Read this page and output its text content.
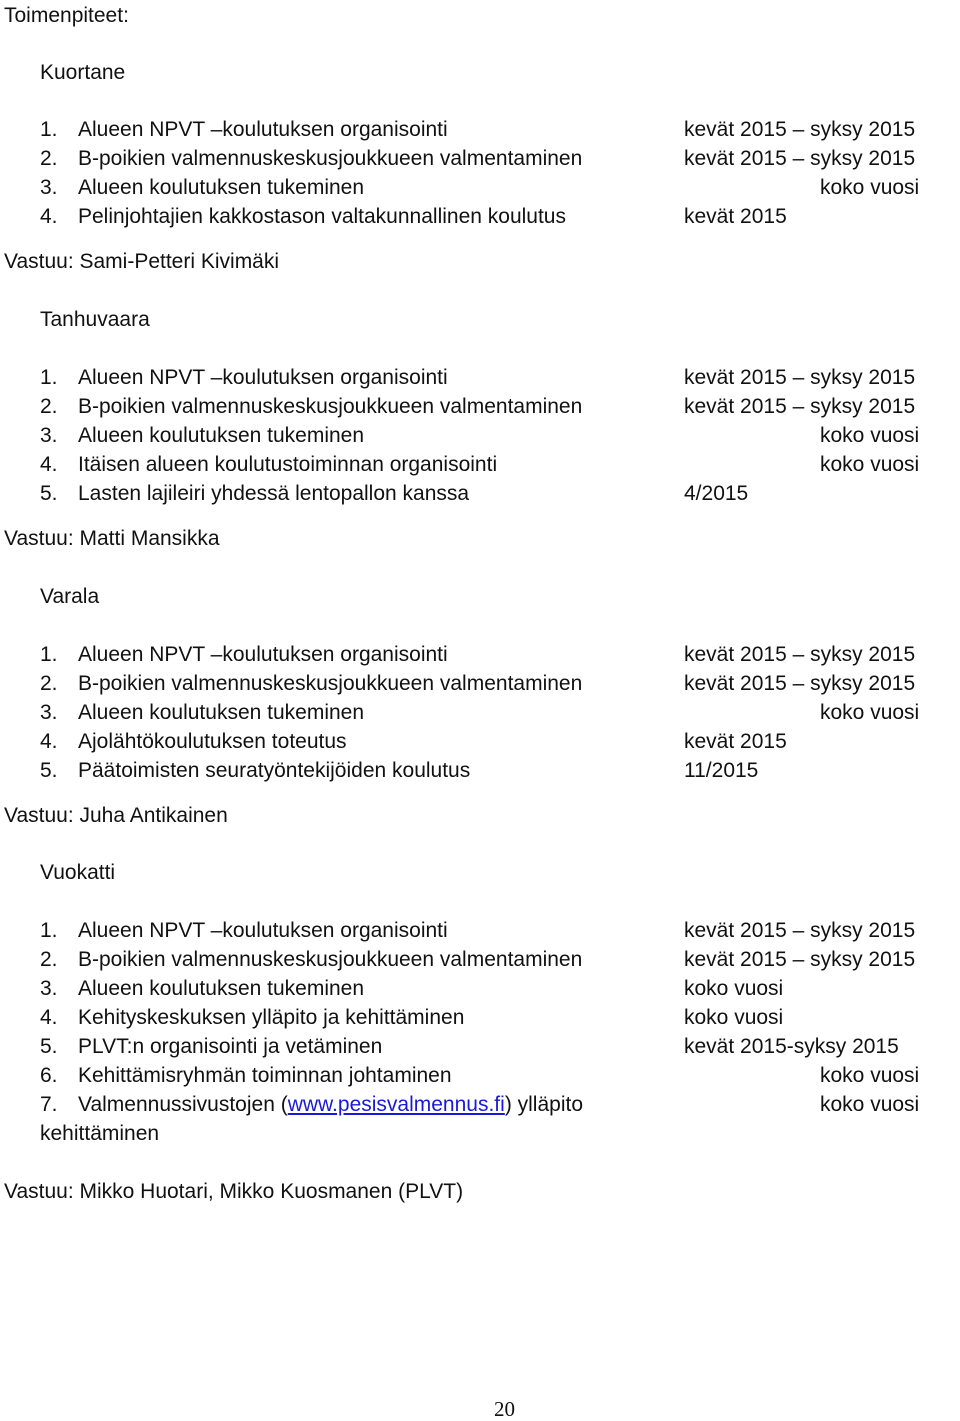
Toimenpiteet:

Kuortane

1. Alueen NPVT –koulutuksen organisointi	kevät 2015 – syksy 2015

2. B-poikien valmennuskeskusjoukkueen valmentaminen	kevät 2015 – syksy 2015

3. Alueen koulutuksen tukeminen	koko vuosi

4. Pelinjohtajien kakkostason valtakunnallinen koulutus	kevät 2015

Vastuu: Sami-Petteri Kivimäki

Tanhuvaara

1. Alueen NPVT –koulutuksen organisointi	kevät 2015 – syksy 2015

2. B-poikien valmennuskeskusjoukkueen valmentaminen	kevät 2015 – syksy 2015

3. Alueen koulutuksen tukeminen	koko vuosi

4. Itäisen alueen koulutustoiminnan organisointi	koko vuosi

5. Lasten lajileiri yhdessä lentopallon kanssa	4/2015

Vastuu: Matti Mansikka

Varala

1. Alueen NPVT –koulutuksen organisointi	kevät 2015 – syksy 2015

2. B-poikien valmennuskeskusjoukkueen valmentaminen	kevät 2015 – syksy 2015

3. Alueen koulutuksen tukeminen	koko vuosi

4. Ajolähtökoulutuksen toteutus	kevät 2015

5. Päätoimisten seuratyöntekijöiden koulutus	11/2015

Vastuu: Juha Antikainen

Vuokatti

1. Alueen NPVT –koulutuksen organisointi	kevät 2015 – syksy 2015

2. B-poikien valmennuskeskusjoukkueen valmentaminen	kevät 2015 – syksy 2015

3. Alueen koulutuksen tukeminen	koko vuosi

4. Kehityskeskuksen ylläpito ja kehittäminen	koko vuosi

5. PLVT:n organisointi ja vetäminen	kevät 2015-syksy 2015

6. Kehittämisryhmän toiminnan johtaminen	koko vuosi

7. Valmennussivustojen (www.pesisvalmennus.fi) ylläpito	koko vuosi

kehittäminen

Vastuu: Mikko Huotari, Mikko Kuosmanen (PLVT)

20
